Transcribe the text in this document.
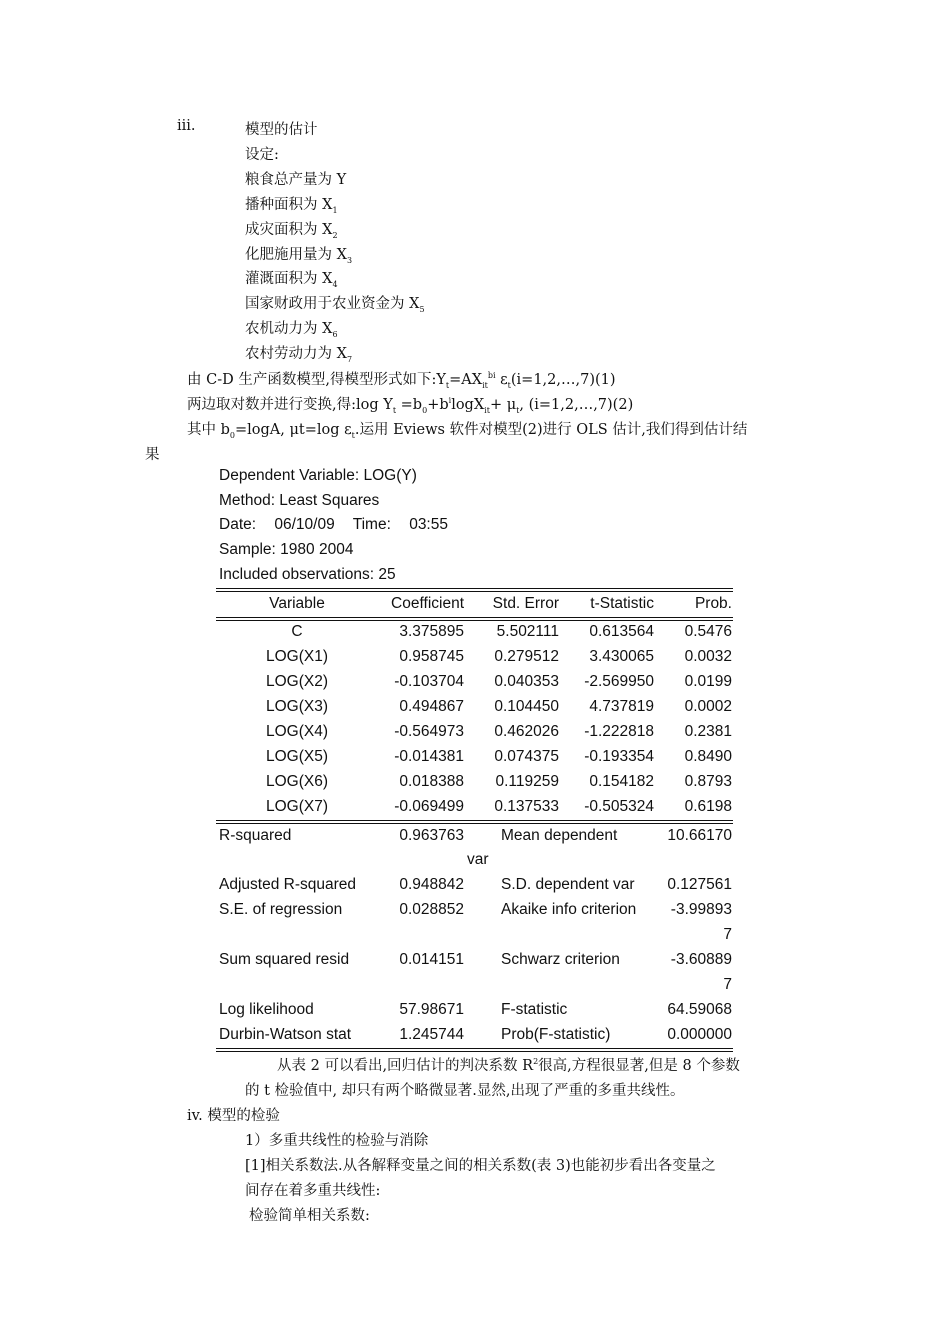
iii.	模型的估计
设定:
粮食总产量为 Y
播种面积为 $X_1$
成灾面积为 $X_2$
化肥施用量为 $X_3$
灌溉面积为 $X_4$
国家财政用于农业资金为 $X_5$
农机动力为 $X_6$
农村劳动力为 $X_7$
由 C-D 生产函数模型,得模型形式如下$:Y_t=AX_{it}^{bi}$ $\varepsilon_t(i=1,2,\dots,7)(1)$
两边取对数并进行变换,得:log $Y_t =b_0+b^i\log X_{it}+ \mu_t$, (i=1,2,…,7)(2)
其中 $b_0=\log A$, μt=log $\varepsilon_t$.运用 Eviews 软件对模型(2)进行 OLS 估计,我们得到估计结
果
Dependent Variable: LOG(Y)
Method: Least Squares
Date: 06/10/09 Time: 03:55
Sample: 1980 2004
Included observations: 25
Variable	Coefficient	Std. Error	t-Statistic	Prob.
C	3.375895	5.502111	0.613564	0.5476
LOG(X1)	0.958745	0.279512	3.430065	0.0032
LOG(X2)	-0.103704	0.040353	-2.569950	0.0199
LOG(X3)	0.494867	0.104450	4.737819	0.0002
LOG(X4)	-0.564973	0.462026	-1.222818	0.2381
LOG(X5)	-0.014381	0.074375	-0.193354	0.8490
LOG(X6)	0.018388	0.119259	0.154182	0.8793
LOG(X7)	-0.069499	0.137533	-0.505324	0.6198
R-squared	0.963763 Mean dependent	10.66170
var
Adjusted R-squared	0.948842 S.D. dependent var	0.127561
S.E. of regression	0.028852 Akaike info criterion	-3.99893
7
Sum squared resid	0.014151 Schwarz criterion	-3.60889
7
Log likelihood	57.98671 F-statistic	64.59068
Durbin-Watson stat	1.245744 Prob(F-statistic)	0.000000
从表 2 可以看出,回归估计的判决系数 $R^2$很高,方程很显著,但是 8 个参数
的 t 检验值中, 却只有两个略微显著.显然,出现了严重的多重共线性。
iv. 模型的检验
1）多重共线性的检验与消除
[1]相关系数法.从各解释变量之间的相关系数(表 3)也能初步看出各变量之
间存在着多重共线性:
检验简单相关系数:
